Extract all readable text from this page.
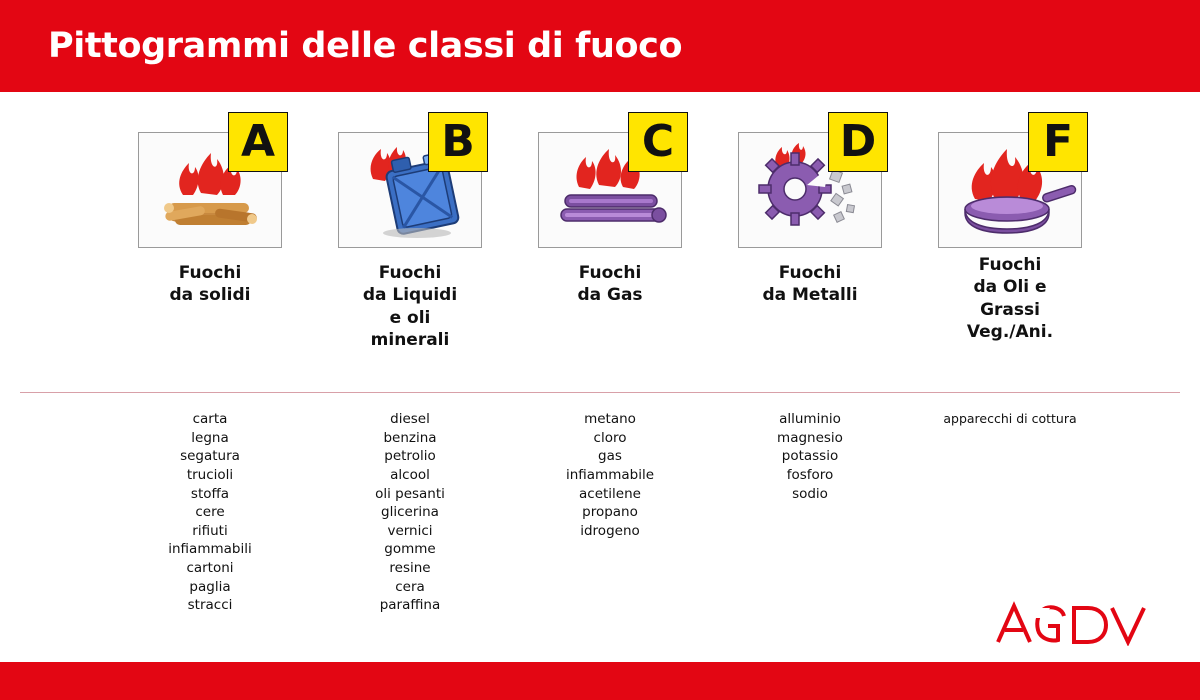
Pittogrammi delle classi di fuoco
A
Fuochi
da solidi
B
Fuochi
da Liquidi
e oli
minerali
C
Fuochi
da Gas
D
Fuochi
da Metalli
F
Fuochi
da Oli e
Grassi
Veg./Ani.
carta
legna
segatura
trucioli
stoffa
cere
rifiuti
infiammabili
cartoni
paglia
stracci
diesel
benzina
petrolio
alcool
oli pesanti
glicerina
vernici
gomme
resine
cera
paraffina
metano
cloro
gas
infiammabile
acetilene
propano
idrogeno
alluminio
magnesio
potassio
fosforo
sodio
apparecchi di cottura
